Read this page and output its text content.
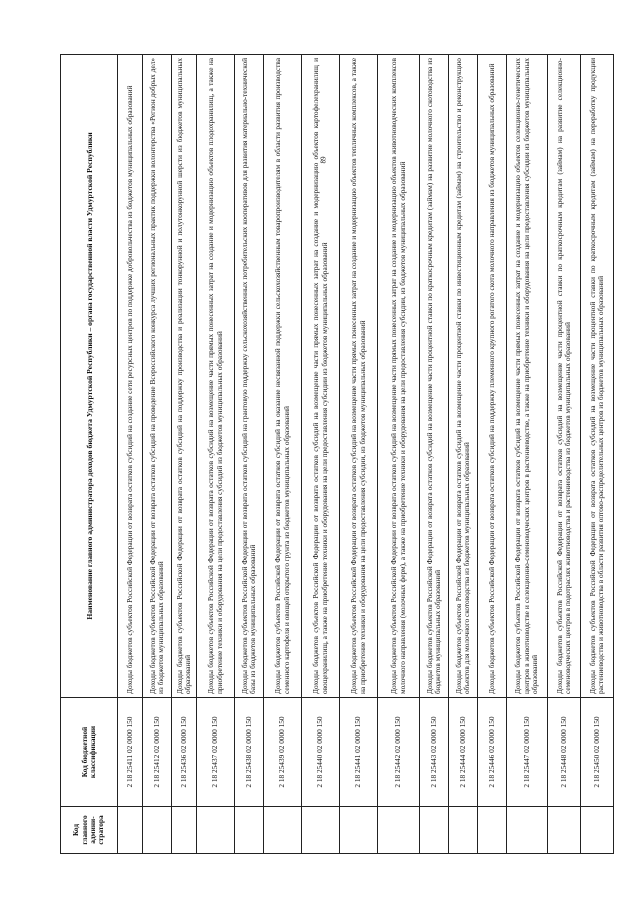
89
Код главного админи-стратора	Код бюджетной классификации	Наименование главного администратора доходов бюджета Удмуртской Республики – органа государственной власти Удмуртской Республики
	2 18 25411 02 0000 150	Доходы бюджетов субъектов Российской Федерации от возврата остатков субсидий на создание сети ресурсных центров по поддержке добровольчества из бюджетов муниципальных образований
	2 18 25412 02 0000 150	Доходы бюджетов субъектов Российской Федерации от возврата остатков субсидий на проведение Всероссийского конкурса лучших региональных практик поддержки волонтерства «Регион добрых дел» из бюджетов муниципальных образований
	2 18 25436 02 0000 150	Доходы бюджетов субъектов Российской Федерации от возврата остатков субсидий на поддержку производства и реализации тонкорунной и полутонкорунной шерсти из бюджетов муниципальных образований
	2 18 25437 02 0000 150	Доходы бюджетов субъектов Российской Федерации от возврата остатков субсидий на возмещение части прямых понесенных затрат на создание и модернизацию объектов плодохранилищ, а также на приобретение техники и оборудования на цели предоставления субсидий из бюджетов муниципальных образований
	2 18 25438 02 0000 150	Доходы бюджетов субъектов Российской Федерации от возврата остатков субсидий на грантовую поддержку сельскохозяйственных потребительских кооперативов для развития материально-технической базы из бюджетов муниципальных образований
	2 18 25439 02 0000 150	Доходы бюджетов субъектов Российской Федерации от возврата остатков субсидий на оказание несвязанной поддержки сельскохозяйственным товаропроизводителям в области развития производства семенного картофеля и овощей открытого грунта из бюджетов муниципальных образований
	2 18 25440 02 0000 150	Доходы бюджетов субъектов Российской Федерации от возврата остатков субсидий на возмещение части прямых понесенных затрат на создание и модернизацию объектов картофелехранилищ и овощехранилищ, а также на приобретение техники и оборудования на цели предоставления субсидии из бюджетов муниципальных образований
	2 18 25441 02 0000 150	Доходы бюджетов субъектов Российской Федерации от возврата остатков субсидий на возмещение части прямых понесенных затрат на создание и модернизацию объектов тепличных комплексов, а также на приобретение техники и оборудования на цели предоставления субсидии, из бюджетов муниципальных образований
	2 18 25442 02 0000 150	Доходы бюджетов субъектов Российской Федерации от возврата остатков субсидий на возмещение части прямых понесенных затрат на создание и модернизацию объектов животноводческих комплексов молочного направления (молочных ферм), а также на приобретение техники и оборудования на цели предоставления субсидии, из бюджетов муниципальных образований
	2 18 25443 02 0000 150	Доходы бюджетов субъектов Российской Федерации от возврата остатков субсидий на возмещение части процентной ставки по краткосрочным кредитам (займам) на развитие молочного скотоводства из бюджетов муниципальных образований
	2 18 25444 02 0000 150	Доходы бюджетов субъектов Российской Федерации от возврата остатков субсидий на возмещение части процентной ставки по инвестиционным кредитам (займам) на строительство и реконструкцию объектов для молочного скотоводства из бюджетов муниципальных образований
	2 18 25446 02 0000 150	Доходы бюджетов субъектов Российской Федерации от возврата остатков субсидий на поддержку племенного крупного рогатого скота молочного направления из бюджетов муниципальных образований
	2 18 25447 02 0000 150	Доходы бюджетов субъектов Российской Федерации от возврата остатков субсидий на возмещение части прямых понесенных затрат на создание и модернизацию объектов селекционно-генетических центров в животноводстве и селекционно-семеноводческих центров в растениеводстве, а также на приобретение техники и оборудования на цели предоставления субсидии из бюджетов муниципальных образований
	2 18 25448 02 0000 150	Доходы бюджетов субъектов Российской Федерации от возврата остатков субсидий на возмещение части процентной ставки по краткосрочным кредитам (займам) на развитие селекционно-семеноводческих центров в подотраслях животноводства и растениеводства из бюджетов муниципальных образований
	2 18 25450 02 0000 150	Доходы бюджетов субъектов Российской Федерации от возврата остатков субсидий на возмещение части процентной ставки по краткосрочным кредитам (займам) на переработку продукции растениеводства и животноводства в области развития оптово-распределительных центров из бюджетов муниципальных образований
